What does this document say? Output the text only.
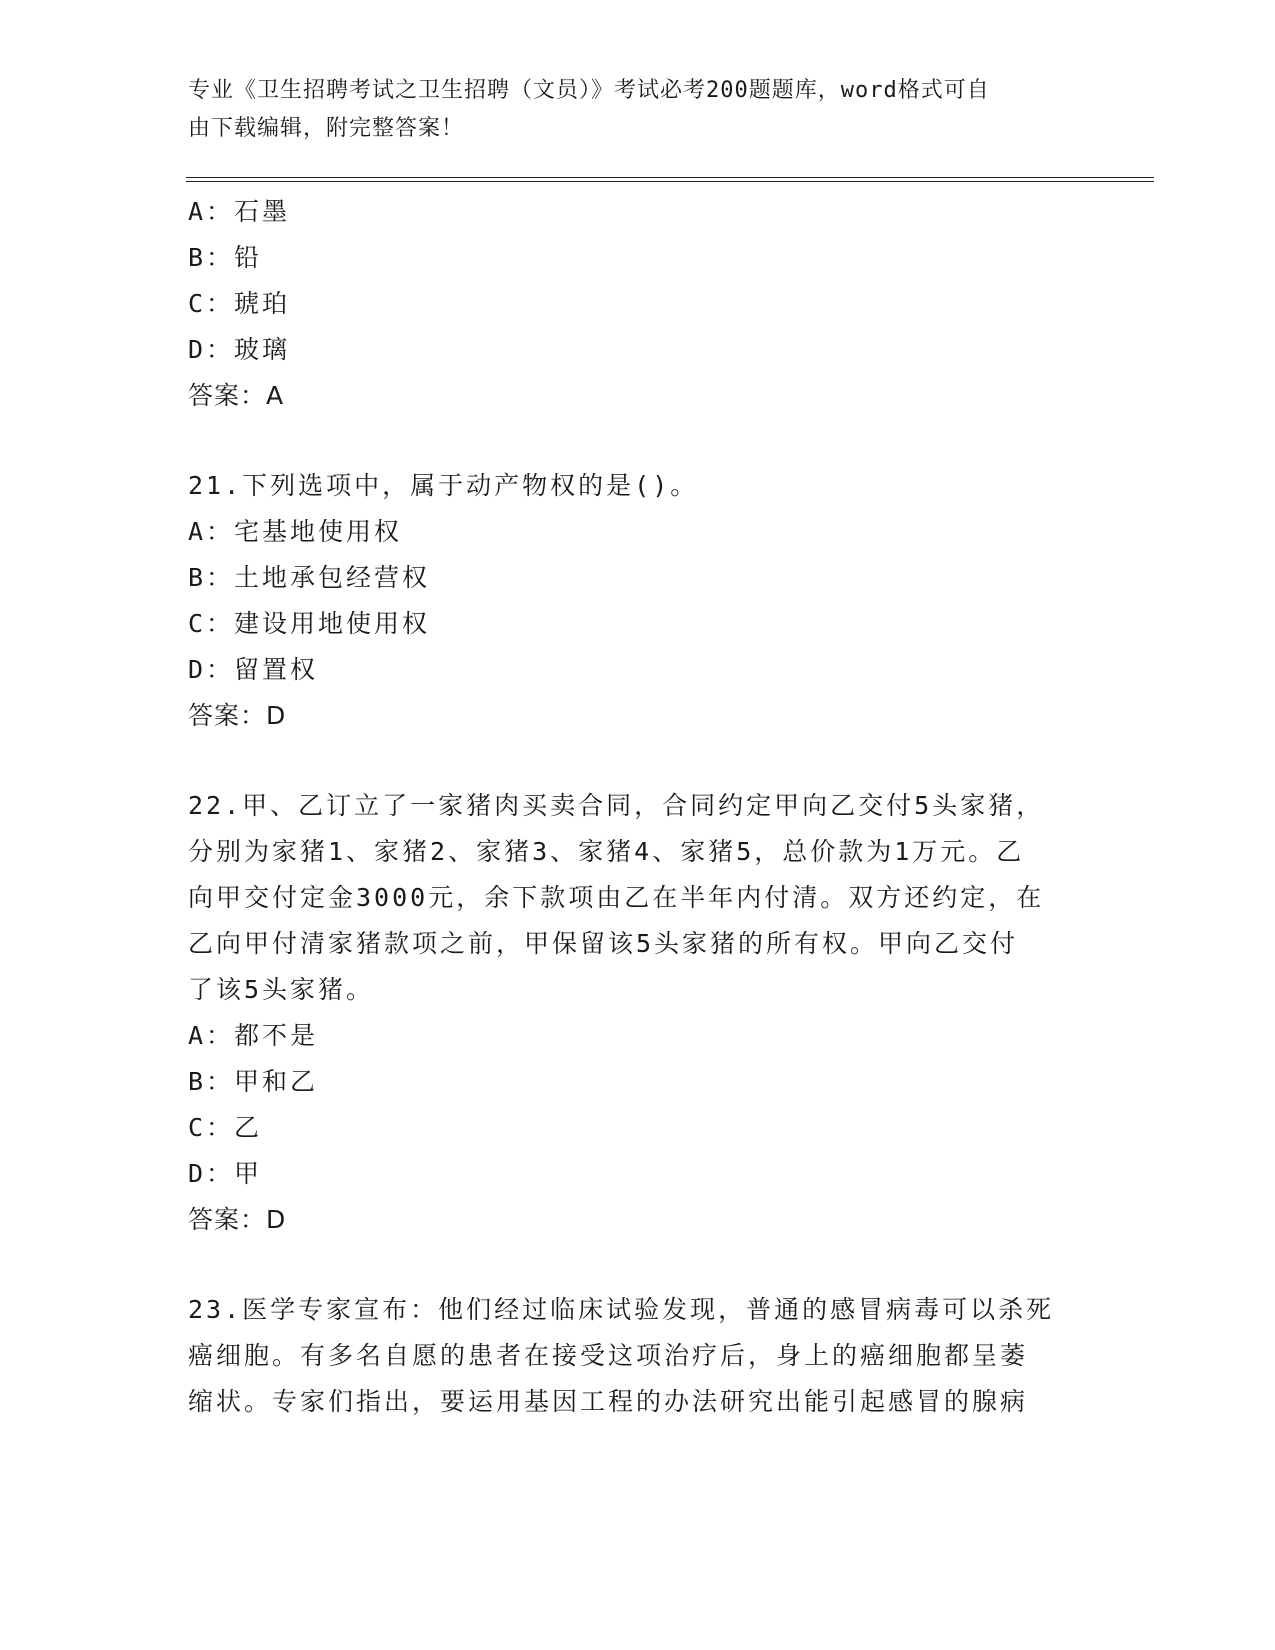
专业《卫生招聘考试之卫生招聘（文员）》考试必考200题题库，word格式可自
由下载编辑，附完整答案！
A：石墨
B：铅
C：琥珀
D：玻璃
答案：A
21.下列选项中，属于动产物权的是()。
A：宅基地使用权
B：土地承包经营权
C：建设用地使用权
D：留置权
答案：D
22.甲、乙订立了一家猪肉买卖合同，合同约定甲向乙交付5头家猪，
分别为家猪1、家猪2、家猪3、家猪4、家猪5，总价款为1万元。乙
向甲交付定金3000元，余下款项由乙在半年内付清。双方还约定，在
乙向甲付清家猪款项之前，甲保留该5头家猪的所有权。甲向乙交付
了该5头家猪。
A：都不是
B：甲和乙
C：乙
D：甲
答案：D
23.医学专家宣布：他们经过临床试验发现，普通的感冒病毒可以杀死
癌细胞。有多名自愿的患者在接受这项治疗后，身上的癌细胞都呈萎
缩状。专家们指出，要运用基因工程的办法研究出能引起感冒的腺病
